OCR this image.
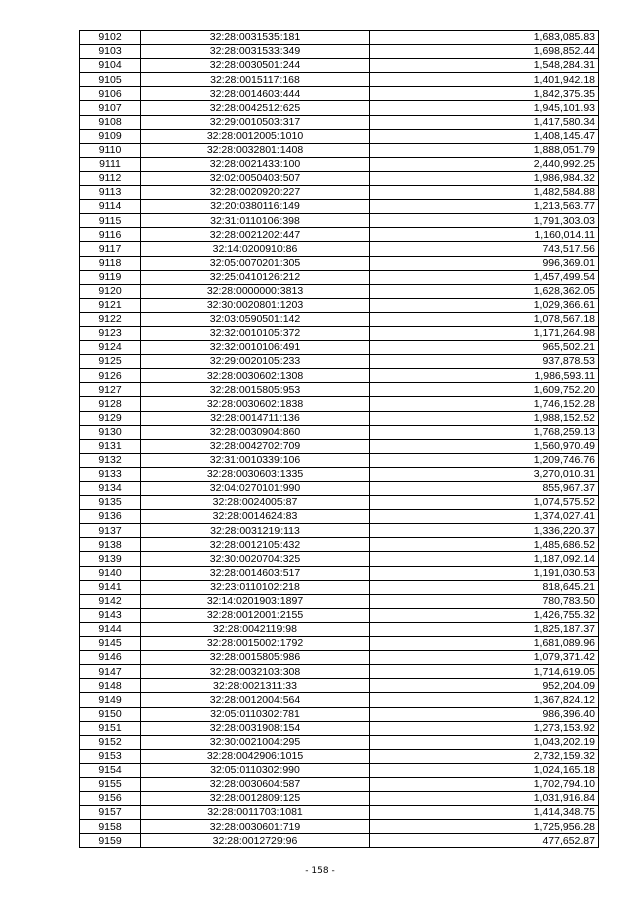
9102	32:28:0031535:181	1,683,085.83
9103	32:28:0031533:349	1,698,852.44
9104	32:28:0030501:244	1,548,284.31
9105	32:28:0015117:168	1,401,942.18
9106	32:28:0014603:444	1,842,375.35
9107	32:28:0042512:625	1,945,101.93
9108	32:29:0010503:317	1,417,580.34
9109	32:28:0012005:1010	1,408,145.47
9110	32:28:0032801:1408	1,888,051.79
9111	32:28:0021433:100	2,440,992.25
9112	32:02:0050403:507	1,986,984.32
9113	32:28:0020920:227	1,482,584.88
9114	32:20:0380116:149	1,213,563.77
9115	32:31:0110106:398	1,791,303.03
9116	32:28:0021202:447	1,160,014.11
9117	32:14:0200910:86	743,517.56
9118	32:05:0070201:305	996,369.01
9119	32:25:0410126:212	1,457,499.54
9120	32:28:0000000:3813	1,628,362.05
9121	32:30:0020801:1203	1,029,366.61
9122	32:03:0590501:142	1,078,567.18
9123	32:32:0010105:372	1,171,264.98
9124	32:32:0010106:491	965,502.21
9125	32:29:0020105:233	937,878.53
9126	32:28:0030602:1308	1,986,593.11
9127	32:28:0015805:953	1,609,752.20
9128	32:28:0030602:1838	1,746,152.28
9129	32:28:0014711:136	1,988,152.52
9130	32:28:0030904:860	1,768,259.13
9131	32:28:0042702:709	1,560,970.49
9132	32:31:0010339:106	1,209,746.76
9133	32:28:0030603:1335	3,270,010.31
9134	32:04:0270101:990	855,967.37
9135	32:28:0024005:87	1,074,575.52
9136	32:28:0014624:83	1,374,027.41
9137	32:28:0031219:113	1,336,220.37
9138	32:28:0012105:432	1,485,686.52
9139	32:30:0020704:325	1,187,092.14
9140	32:28:0014603:517	1,191,030.53
9141	32:23:0110102:218	818,645.21
9142	32:14:0201903:1897	780,783.50
9143	32:28:0012001:2155	1,426,755.32
9144	32:28:0042119:98	1,825,187.37
9145	32:28:0015002:1792	1,681,089.96
9146	32:28:0015805:986	1,079,371.42
9147	32:28:0032103:308	1,714,619.05
9148	32:28:0021311:33	952,204.09
9149	32:28:0012004:564	1,367,824.12
9150	32:05:0110302:781	986,396.40
9151	32:28:0031908:154	1,273,153.92
9152	32:30:0021004:295	1,043,202.19
9153	32:28:0042906:1015	2,732,159.32
9154	32:05:0110302:990	1,024,165.18
9155	32:28:0030604:587	1,702,794.10
9156	32:28:0012809:125	1,031,916.84
9157	32:28:0011703:1081	1,414,348.75
9158	32:28:0030601:719	1,725,956.28
9159	32:28:0012729:96	477,652.87
- 158 -
